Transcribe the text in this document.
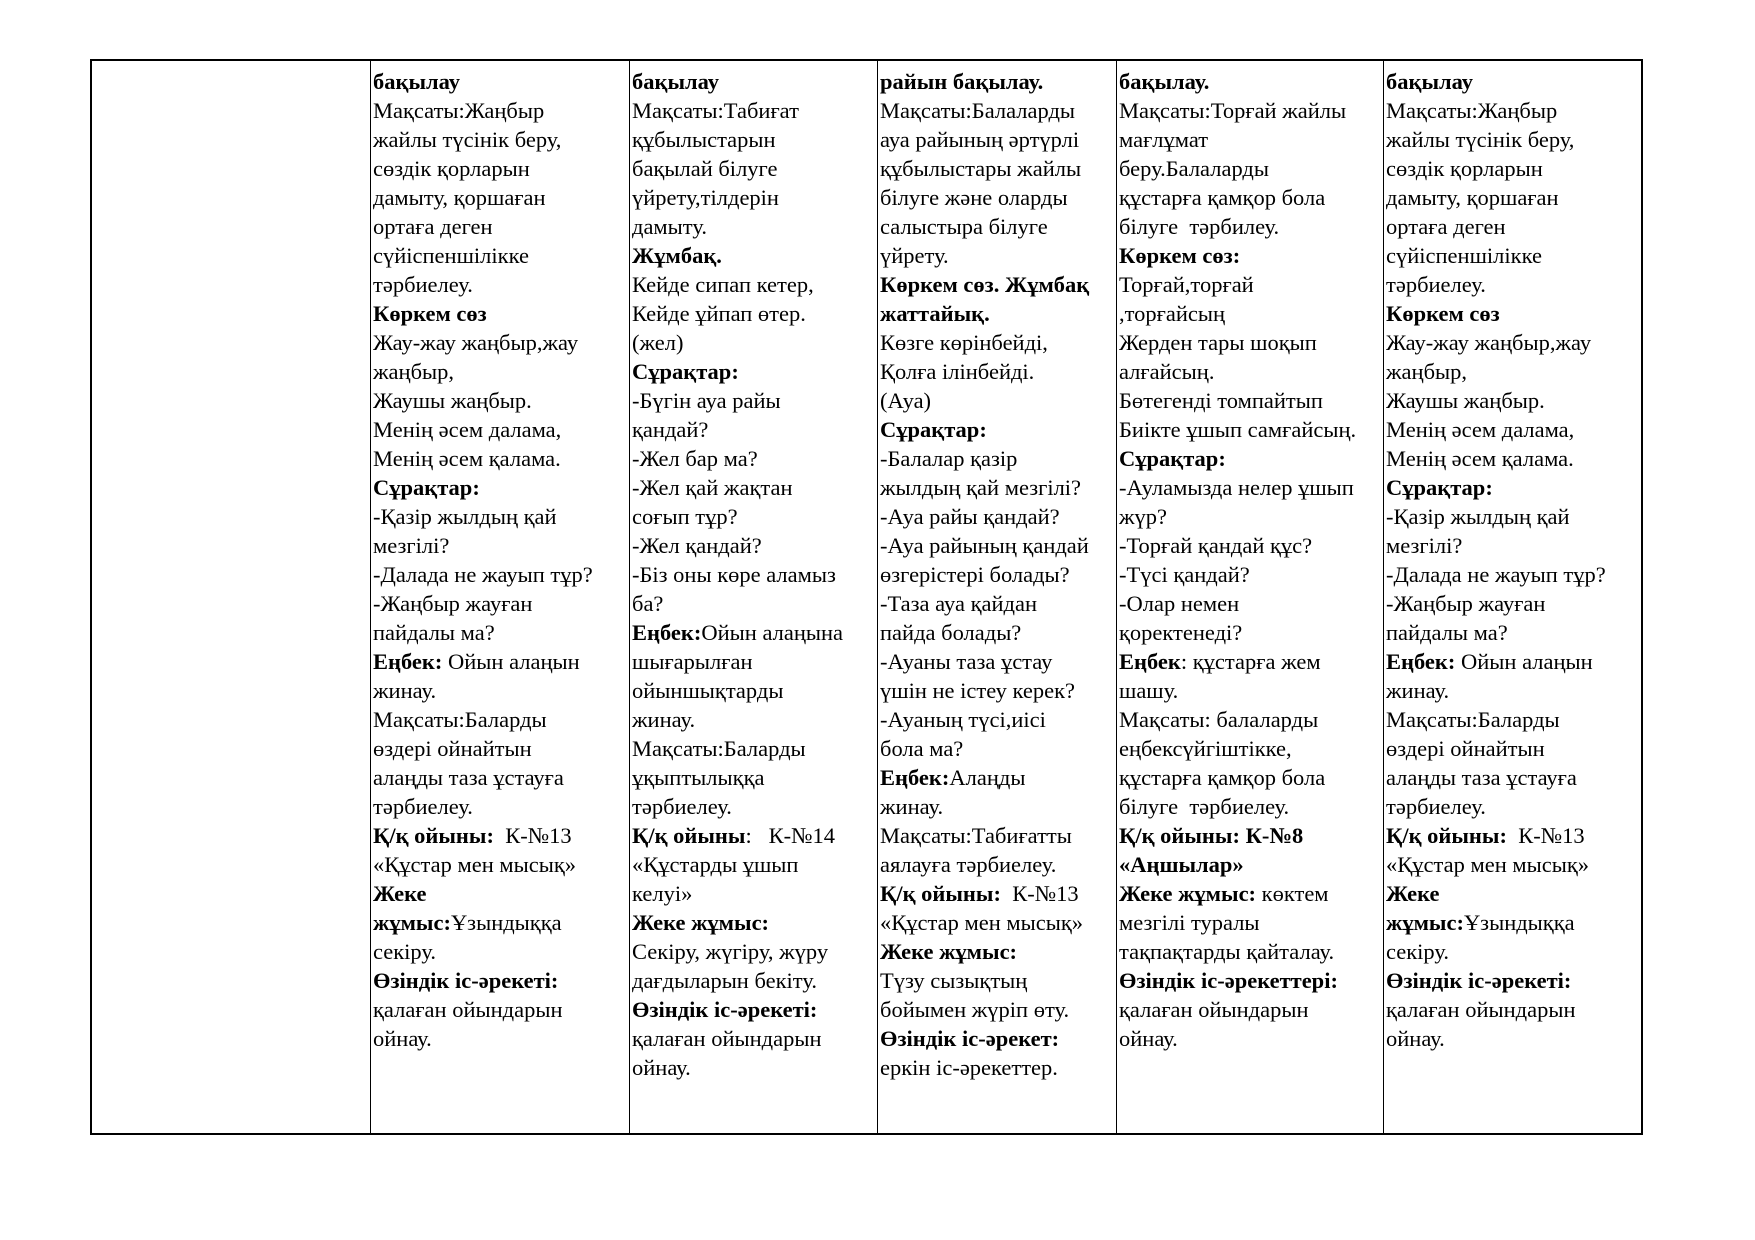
бақылау
Мақсаты:Жаңбыр
жайлы түсінік беру,
сөздік қорларын
дамыту, қоршаған
ортаға деген
сүйіспеншілікке
тәрбиелеу.
Көркем сөз
Жау-жау жаңбыр,жау
жаңбыр,
Жаушы жаңбыр.
Менің әсем далама,
Менің әсем қалама.
Сұрақтар:
-Қазір жылдың қай
мезгілі?
-Далада не жауып тұр?
-Жаңбыр жауған
пайдалы ма?
Еңбек: Ойын алаңын
жинау.
Мақсаты:Баларды
өздері ойнайтын
алаңды таза ұстауға
тәрбиелеу.
Қ/қ ойыны:  К-№13
«Құстар мен мысық»
Жеке
жұмыс:Ұзындыққа
секіру.
Өзіндік іс-әрекеті:
қалаған ойындарын
ойнау.
бақылау
Мақсаты:Табиғат
құбылыстарын
бақылай білуге
үйрету,тілдерін
дамыту.
Жұмбақ.
Кейде сипап кетер,
Кейде ұйпап өтер.
(жел)
Сұрақтар:
-Бүгін ауа райы
қандай?
-Жел бар ма?
-Жел қай жақтан
соғып тұр?
-Жел қандай?
-Біз оны көре аламыз
ба?
Еңбек:Ойын алаңына
шығарылған
ойыншықтарды
жинау.
Мақсаты:Баларды
ұқыптылыққа
тәрбиелеу.
Қ/қ ойыны:   К-№14
«Құстарды ұшып
келуі»
Жеке жұмыс:
Секіру, жүгіру, жүру
дағдыларын бекіту.
Өзіндік іс-әрекеті:
қалаған ойындарын
ойнау.
райын бақылау.
Мақсаты:Балаларды
ауа райының әртүрлі
құбылыстары жайлы
білуге және оларды
салыстыра білуге
үйрету.
Көркем сөз. Жұмбақ
жаттайық.
Көзге көрінбейді,
Қолға ілінбейді.
(Ауа)
Сұрақтар:
-Балалар қазір
жылдың қай мезгілі?
-Ауа райы қандай?
-Ауа райының қандай
өзгерістері болады?
-Таза ауа қайдан
пайда болады?
-Ауаны таза ұстау
үшін не істеу керек?
-Ауаның түсі,иісі
бола ма?
Еңбек:Алаңды
жинау.
Мақсаты:Табиғатты
аялауға тәрбиелеу.
Қ/қ ойыны:  К-№13
«Құстар мен мысық»
Жеке жұмыс:
Түзу сызықтың
бойымен жүріп өту.
Өзіндік іс-әрекет:
еркін іс-әрекеттер.
бақылау.
Мақсаты:Торғай жайлы
мағлұмат
беру.Балаларды
құстарға қамқор бола
білуге  тәрбилеу.
Көркем сөз:
Торғай,торғай
,торғайсың
Жерден тары шоқып
алғайсың.
Бөтегенді томпайтып
Биікте ұшып самғайсың.
Сұрақтар:
-Ауламызда нелер ұшып
жүр?
-Торғай қандай құс?
-Түсі қандай?
-Олар немен
қоректенеді?
Еңбек: құстарға жем
шашу.
Мақсаты: балаларды
еңбексүйгіштікке,
құстарға қамқор бола
білуге  тәрбиелеу.
Қ/қ ойыны: К-№8
«Аңшылар»
Жеке жұмыс: көктем
мезгілі туралы
тақпақтарды қайталау.
Өзіндік іс-әрекеттері:
қалаған ойындарын
ойнау.
бақылау
Мақсаты:Жаңбыр
жайлы түсінік беру,
сөздік қорларын
дамыту, қоршаған
ортаға деген
сүйіспеншілікке
тәрбиелеу.
Көркем сөз
Жау-жау жаңбыр,жау
жаңбыр,
Жаушы жаңбыр.
Менің әсем далама,
Менің әсем қалама.
Сұрақтар:
-Қазір жылдың қай
мезгілі?
-Далада не жауып тұр?
-Жаңбыр жауған
пайдалы ма?
Еңбек: Ойын алаңын
жинау.
Мақсаты:Баларды
өздері ойнайтын
алаңды таза ұстауға
тәрбиелеу.
Қ/қ ойыны:  К-№13
«Құстар мен мысық»
Жеке
жұмыс:Ұзындыққа
секіру.
Өзіндік іс-әрекеті:
қалаған ойындарын
ойнау.
